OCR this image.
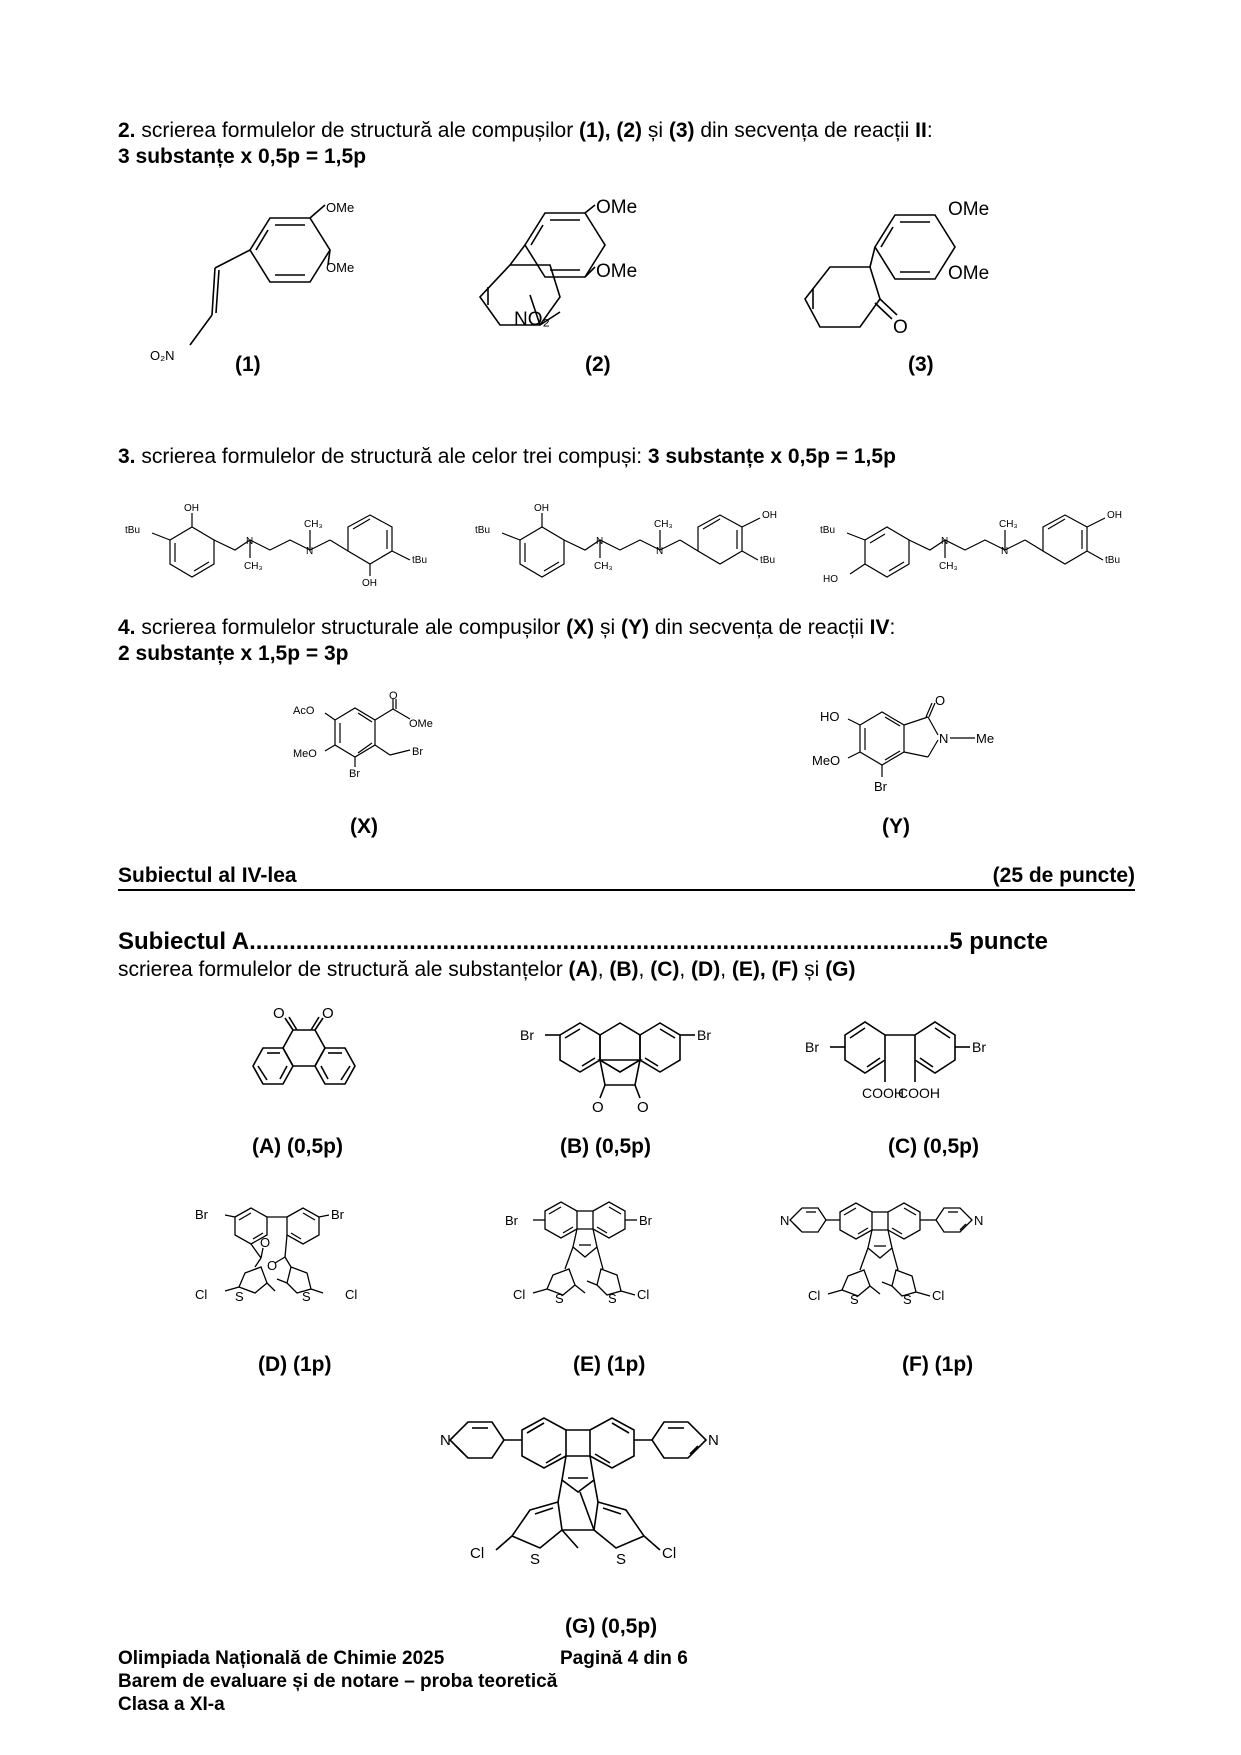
2. scrierea formulelor de structură ale compușilor (1), (2) și (3) din secvența de reacții II:
3 substanțe x 0,5p = 1,5p
OMe
OMe
O₂N	(1)
OMe
OMe
NO₂
(2)
OMe
OMe
O
(3)
3. scrierea formulelor de structură ale celor trei compuși: 3 substanțe x 0,5p = 1,5p
OH
tBu
N
CH₃
N
CH₃
tBu
OH
OH
tBu
N
CH₃
N
CH₃
OH
tBu
tBu
HO
N
CH₃
N
CH₃
OH
tBu
4. scrierea formulelor structurale ale compușilor (X) și (Y) din secvența de reacții IV:
2 substanțe x 1,5p = 3p
AcO
O
OMe
Br
MeO
Br
(X)
O
N Me
HO
MeO
Br
(Y)
Subiectul al IV-lea	(25 de puncte)
Subiectul A.........................................................................................................5 puncte
scrierea formulelor de structură ale substanțelor (A), (B), (C), (D), (E), (F) și (G)
O O
(A) (0,5p)
Br	Br
O O
(B) (0,5p)
Br	Br
COOH
COOH
(C) (0,5p)
Br	Br
O
O
Cl S	S	Cl
(D) (1p)
Br	Br
Cl S	S Cl
(E) (1p)
N	N
Cl S	S Cl
(F) (1p)
N	N
Cl	S	S Cl
(G) (0,5p)
Olimpiada Națională de Chimie 2025	Pagină 4 din 6
Barem de evaluare și de notare – proba teoretică
Clasa a XI-a
